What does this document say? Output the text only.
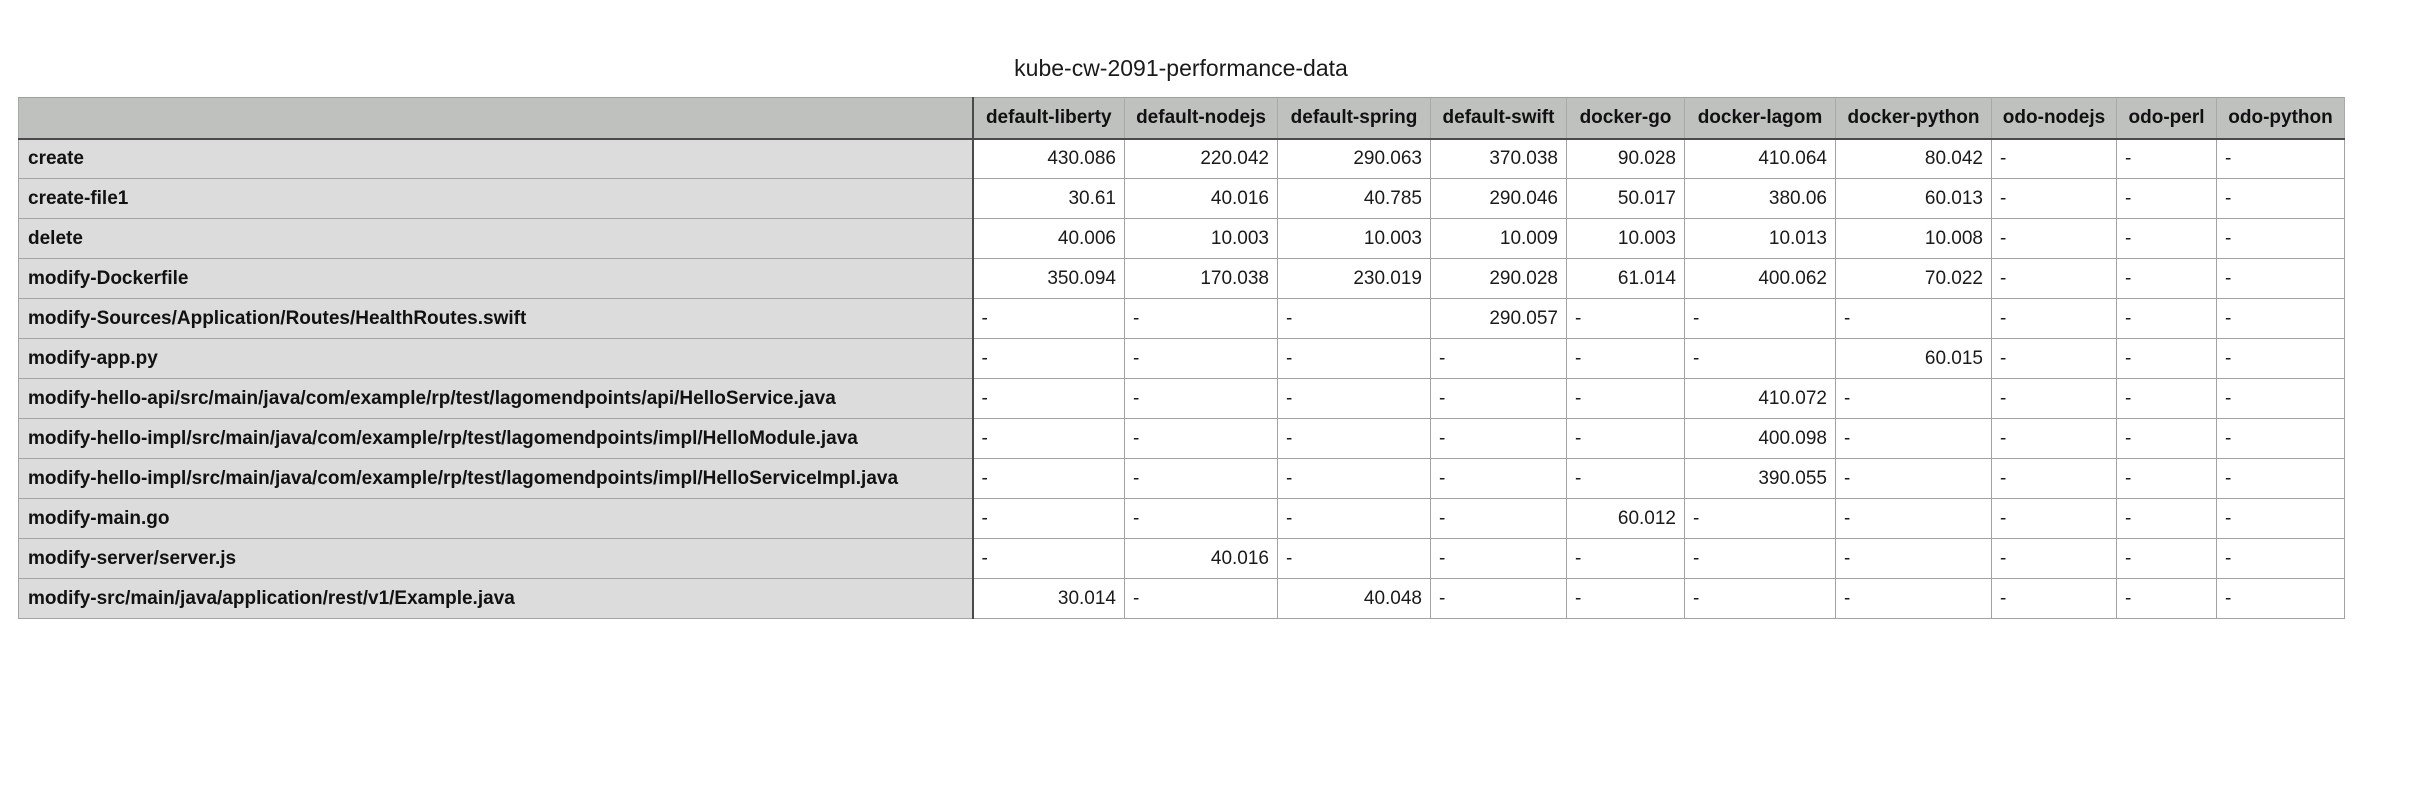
kube-cw-2091-performance-data
	default-liberty	default-nodejs	default-spring	default-swift	docker-go	docker-lagom	docker-python	odo-nodejs	odo-perl	odo-python
create	430.086	220.042	290.063	370.038	90.028	410.064	80.042	-	-	-
create-file1	30.61	40.016	40.785	290.046	50.017	380.06	60.013	-	-	-
delete	40.006	10.003	10.003	10.009	10.003	10.013	10.008	-	-	-
modify-Dockerfile	350.094	170.038	230.019	290.028	61.014	400.062	70.022	-	-	-
modify-Sources/Application/Routes/HealthRoutes.swift	-	-	-	290.057	-	-	-	-	-	-
modify-app.py	-	-	-	-	-	-	60.015	-	-	-
modify-hello-api/src/main/java/com/example/rp/test/lagomendpoints/api/HelloService.java	-	-	-	-	-	410.072	-	-	-	-
modify-hello-impl/src/main/java/com/example/rp/test/lagomendpoints/impl/HelloModule.java	-	-	-	-	-	400.098	-	-	-	-
modify-hello-impl/src/main/java/com/example/rp/test/lagomendpoints/impl/HelloServiceImpl.java	-	-	-	-	-	390.055	-	-	-	-
modify-main.go	-	-	-	-	60.012	-	-	-	-	-
modify-server/server.js	-	40.016	-	-	-	-	-	-	-	-
modify-src/main/java/application/rest/v1/Example.java	30.014	-	40.048	-	-	-	-	-	-	-
